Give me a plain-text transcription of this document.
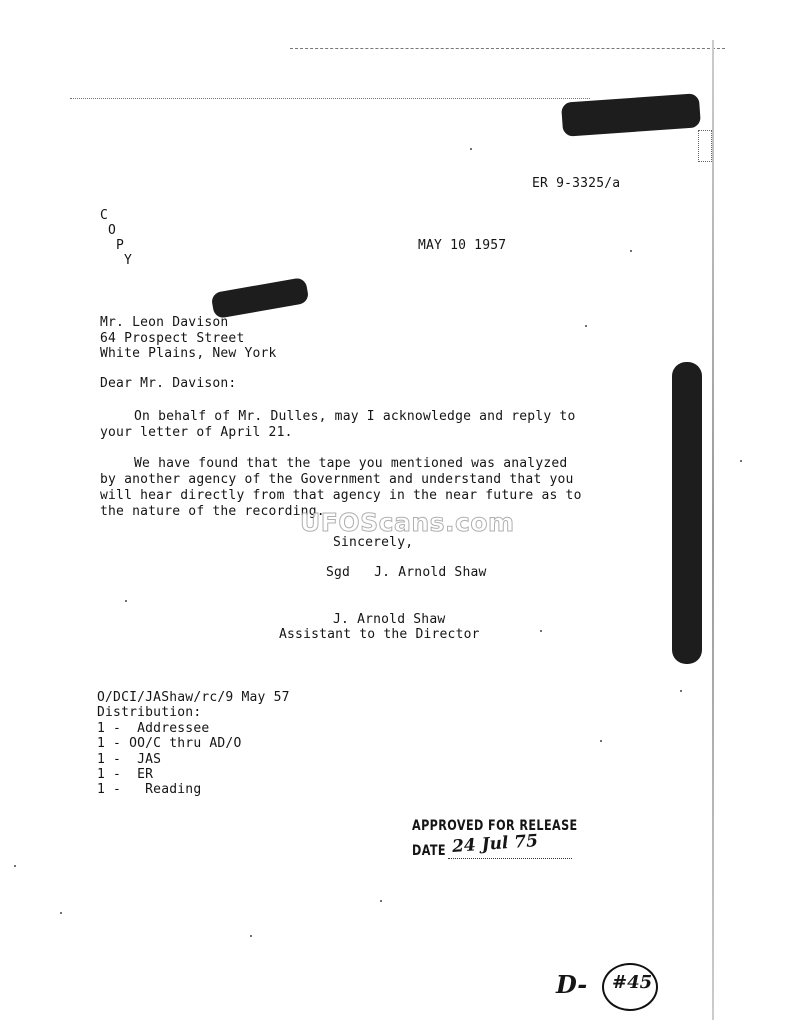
ER 9-3325/a
C
O
P
Y
MAY 10 1957
Mr. Leon Davison
64 Prospect Street
White Plains, New York
Dear Mr. Davison:
On behalf of Mr. Dulles, may I acknowledge and reply to
your letter of April 21.
We have found that the tape you mentioned was analyzed
by another agency of the Government and understand that you
will hear directly from that agency in the near future as to
the nature of the recording.
Sincerely,
Sgd   J. Arnold Shaw
J. Arnold Shaw
Assistant to the Director
O/DCI/JAShaw/rc/9 May 57
Distribution:
1 -  Addressee
1 - OO/C thru AD/O
1 -  JAS
1 -  ER
1 -   Reading
UFOScans.com
APPROVED FOR RELEASE
DATE 24 Jul 75
D- #45
